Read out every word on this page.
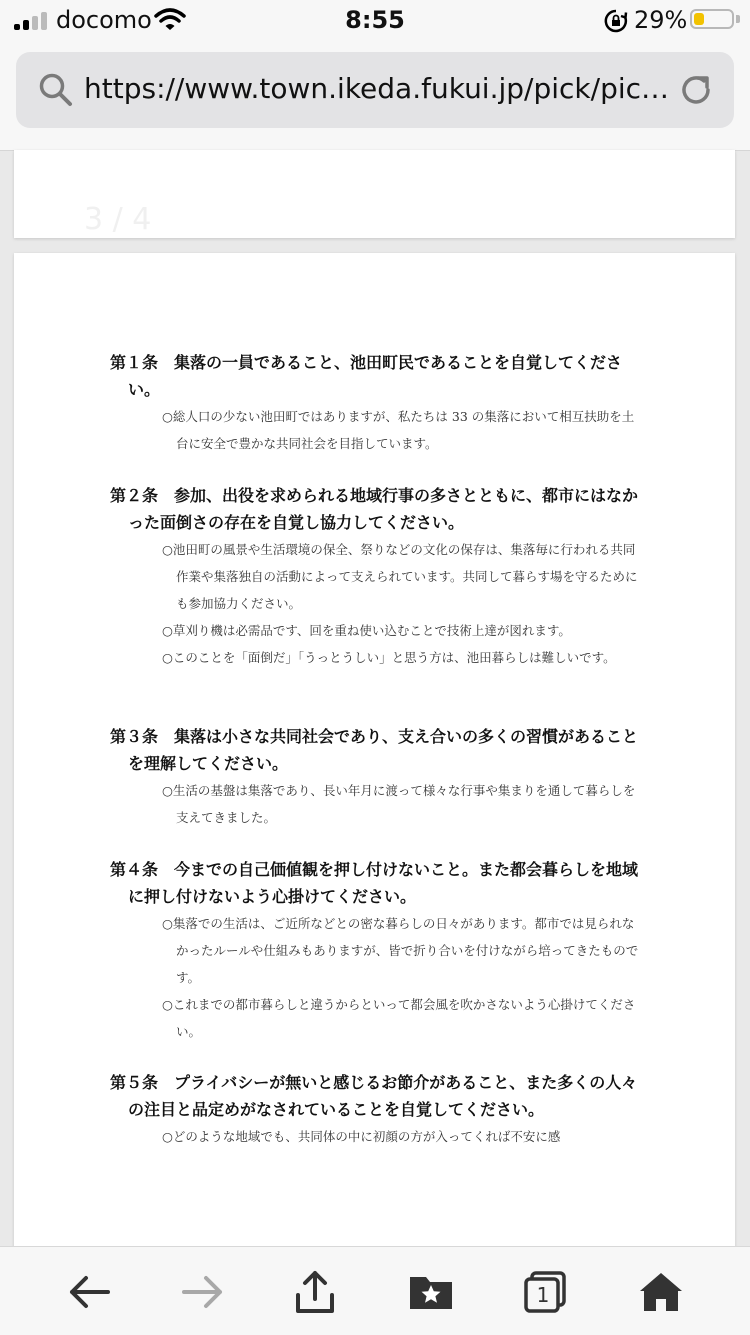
docomo	8:55	29%
https://www.town.ikeda.fukui.jp/pick/pic…
3 / 4

第１条　集落の一員であること、池田町民であることを自覚してください。

○総人口の少ない池田町ではありますが、私たちは 33 の集落において相互扶助を土台に安全で豊かな共同社会を目指しています。

第２条　参加、出役を求められる地域行事の多さとともに、都市にはなかった面倒さの存在を自覚し協力してください。

○池田町の風景や生活環境の保全、祭りなどの文化の保存は、集落毎に行われる共同作業や集落独自の活動によって支えられています。共同して暮らす場を守るためにも参加協力ください。

○草刈り機は必需品です、回を重ね使い込むことで技術上達が図れます。

○このことを「面倒だ」「うっとうしい」と思う方は、池田暮らしは難しいです。

第３条　集落は小さな共同社会であり、支え合いの多くの習慣があることを理解してください。

○生活の基盤は集落であり、長い年月に渡って様々な行事や集まりを通して暮らしを支えてきました。

第４条　今までの自己価値観を押し付けないこと。また都会暮らしを地域に押し付けないよう心掛けてください。

○集落での生活は、ご近所などとの密な暮らしの日々があります。都市では見られなかったルールや仕組みもありますが、皆で折り合いを付けながら培ってきたものです。

○これまでの都市暮らしと違うからといって都会風を吹かさないよう心掛けてください。

第５条　プライバシーが無いと感じるお節介があること、また多くの人々の注目と品定めがなされていることを自覚してください。

○どのような地域でも、共同体の中に初顔の方が入ってくれば不安に感

1
